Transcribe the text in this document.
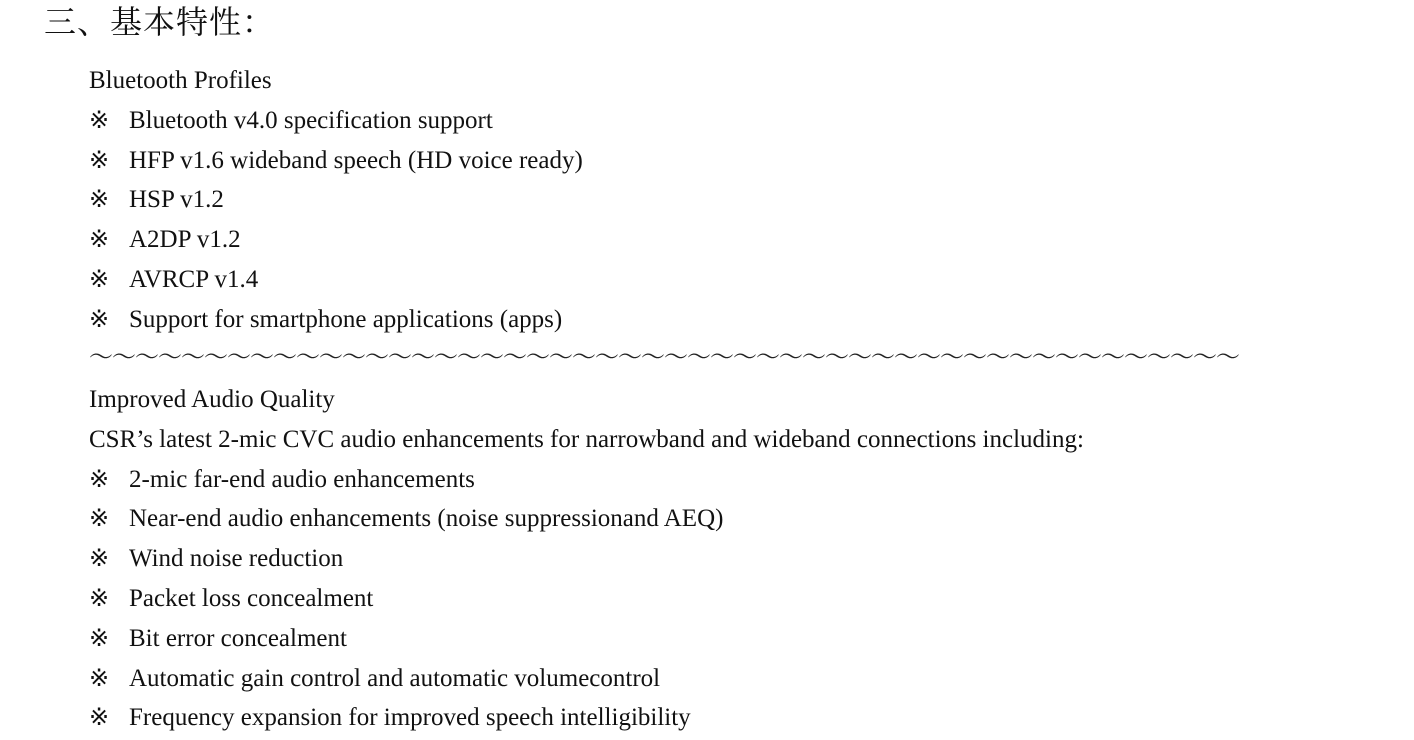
三、基本特性：
Bluetooth Profiles
※ Bluetooth v4.0 specification support
※ HFP v1.6 wideband speech (HD voice ready)
※ HSP v1.2
※ A2DP v1.2
※ AVRCP v1.4
※ Support for smartphone applications (apps)
～～～～～～～～～～～～～～～～～～～～～～～～～～～～～～～～～～～～～～～～～～～～～～～～～～
Improved Audio Quality
CSR’s latest 2-mic CVC audio enhancements for narrowband and wideband connections including:
※ 2-mic far-end audio enhancements
※ Near-end audio enhancements (noise suppressionand AEQ)
※ Wind noise reduction
※ Packet loss concealment
※ Bit error concealment
※ Automatic gain control and automatic volumecontrol
※ Frequency expansion for improved speech intelligibility
